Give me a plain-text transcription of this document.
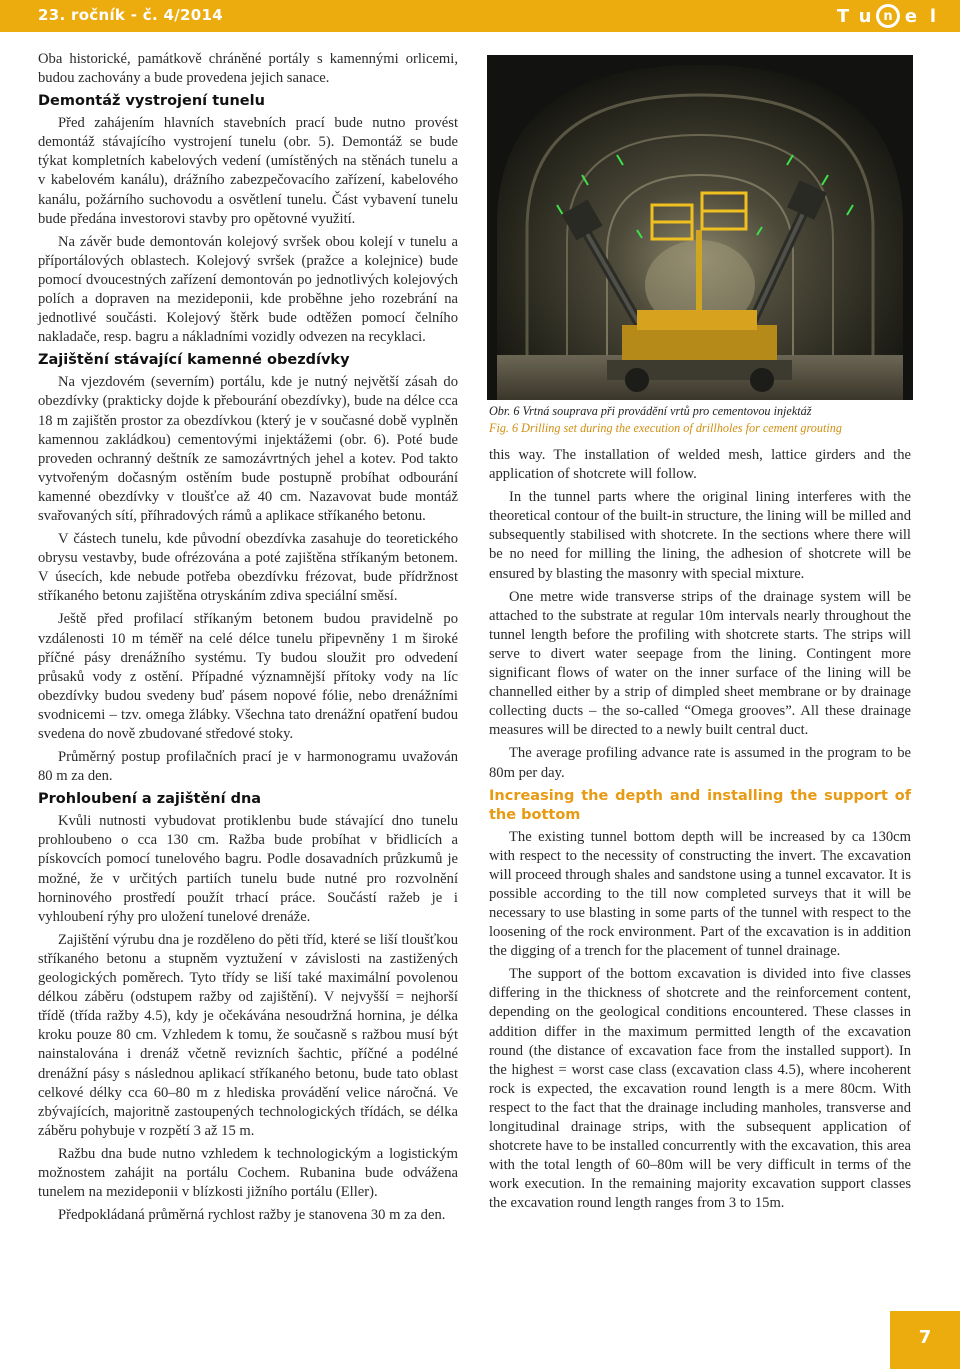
23. ročník - č. 4/2014	T u n e l

Oba historické, památkově chráněné portály s kamennými orlicemi, budou zachovány a bude provedena jejich sanace.

Demontáž vystrojení tunelu

Před zahájením hlavních stavebních prací bude nutno provést demontáž stávajícího vystrojení tunelu (obr. 5). Demontáž se bude týkat kompletních kabelových vedení (umístěných na stěnách tunelu a v kabelovém kanálu), drážního zabezpečovacího zařízení, kabelového kanálu, požárního suchovodu a osvětlení tunelu. Část vybavení tunelu bude předána investorovi stavby pro opětovné využití.

Na závěr bude demontován kolejový svršek obou kolejí v tunelu a příportálových oblastech. Kolejový svršek (pražce a kolejnice) bude pomocí dvoucestných zařízení demontován po jednotlivých kolejových polích a dopraven na mezideponii, kde proběhne jeho rozebrání na jednotlivé součásti. Kolejový štěrk bude odtěžen pomocí čelního nakladače, resp. bagru a nákladními vozidly odvezen na recyklaci.

Zajištění stávající kamenné obezdívky

Na vjezdovém (severním) portálu, kde je nutný největší zásah do obezdívky (prakticky dojde k přebourání obezdívky), bude na délce cca 18 m zajištěn prostor za obezdívkou (který je v současné době vyplněn kamennou zakládkou) cementovými injektážemi (obr. 6). Poté bude proveden ochranný deštník ze samozávrtných jehel a kotev. Pod takto vytvořeným dočasným ostěním bude postupně probíhat odbourání kamenné obezdívky v tloušťce až 40 cm. Nazavovat bude montáž svařovaných sítí, příhradových rámů a aplikace stříkaného betonu.

V částech tunelu, kde původní obezdívka zasahuje do teoretického obrysu vestavby, bude ofrézována a poté zajištěna stříkaným betonem. V úsecích, kde nebude potřeba obezdívku frézovat, bude přídržnost stříkaného betonu zajištěna otryskáním zdiva speciální směsí.

Ještě před profilací stříkaným betonem budou pravidelně po vzdálenosti 10 m téměř na celé délce tunelu připevněny 1 m široké příčné pásy drenážního systému. Ty budou sloužit pro odvedení průsaků vody z ostění. Případné významnější přítoky vody na líc obezdívky budou svedeny buď pásem nopové fólie, nebo drenážními svodnicemi – tzv. omega žlábky. Všechna tato drenážní opatření budou svedena do nově zbudované středové stoky.

Průměrný postup profilačních prací je v harmonogramu uvažován 80 m za den.

Prohloubení a zajištění dna

Kvůli nutnosti vybudovat protiklenbu bude stávající dno tunelu prohloubeno o cca 130 cm. Ražba bude probíhat v břidlicích a pískovcích pomocí tunelového bagru. Podle dosavadních průzkumů je možné, že v určitých partiích tunelu bude nutné pro rozvolnění horninového prostředí použít trhací práce. Součástí ražeb je i vyhloubení rýhy pro uložení tunelové drenáže.

Zajištění výrubu dna je rozděleno do pěti tříd, které se liší tloušťkou stříkaného betonu a stupněm vyztužení v závislosti na zastižených geologických poměrech. Tyto třídy se liší také maximální povolenou délkou záběru (odstupem ražby od zajištění). V nejvyšší = nejhorší třídě (třída ražby 4.5), kdy je očekávána nesoudržná hornina, je délka kroku pouze 80 cm. Vzhledem k tomu, že současně s ražbou musí být nainstalována i drenáž včetně revizních šachtic, příčné a podélné drenážní pásy s následnou aplikací stříkaného betonu, bude tato oblast celkové délky cca 60–80 m z hlediska provádění velice náročná. Ve zbývajících, majoritně zastoupených technologických třídách, se délka záběru pohybuje v rozpětí 3 až 15 m.

Ražbu dna bude nutno vzhledem k technologickým a logistickým možnostem zahájit na portálu Cochem. Rubanina bude odvážena tunelem na mezideponii v blízkosti jižního portálu (Eller).

Předpokládaná průměrná rychlost ražby je stanovena 30 m za den.

Obr. 6 Vrtná souprava při provádění vrtů pro cementovou injektáž
Fig. 6 Drilling set during the execution of drillholes for cement grouting

this way. The installation of welded mesh, lattice girders and the application of shotcrete will follow.

In the tunnel parts where the original lining interferes with the theoretical contour of the built-in structure, the lining will be milled and subsequently stabilised with shotcrete. In the sections where there will be no need for milling the lining, the adhesion of shotcrete will be ensured by blasting the masonry with special mixture.

One metre wide transverse strips of the drainage system will be attached to the substrate at regular 10m intervals nearly throughout the tunnel length before the profiling with shotcrete starts. The strips will serve to divert water seepage from the lining. Contingent more significant flows of water on the inner surface of the lining will be channelled either by a strip of dimpled sheet membrane or by drainage collecting ducts – the so-called “Omega grooves”. All these drainage measures will be directed to a newly built central duct.

The average profiling advance rate is assumed in the program to be 80m per day.

Increasing the depth and installing the support of the bottom

The existing tunnel bottom depth will be increased by ca 130cm with respect to the necessity of constructing the invert. The excavation will proceed through shales and sandstone using a tunnel excavator. It is possible according to the till now completed surveys that it will be necessary to use blasting in some parts of the tunnel with respect to the loosening of the rock environment. Part of the excavation is in addition the digging of a trench for the placement of tunnel drainage.

The support of the bottom excavation is divided into five classes differing in the thickness of shotcrete and the reinforcement content, depending on the geological conditions encountered. These classes in addition differ in the maximum permitted length of the excavation round (the distance of excavation face from the installed support). In the highest = worst case class (excavation class 4.5), where incoherent rock is expected, the excavation round length is a mere 80cm. With respect to the fact that the drainage including manholes, transverse and longitudinal drainage strips, with the subsequent application of shotcrete have to be installed concurrently with the excavation, this area with the total length of 60–80m will be very difficult in terms of the work execution. In the remaining majority excavation support classes the excavation round length ranges from 3 to 15m.

7
